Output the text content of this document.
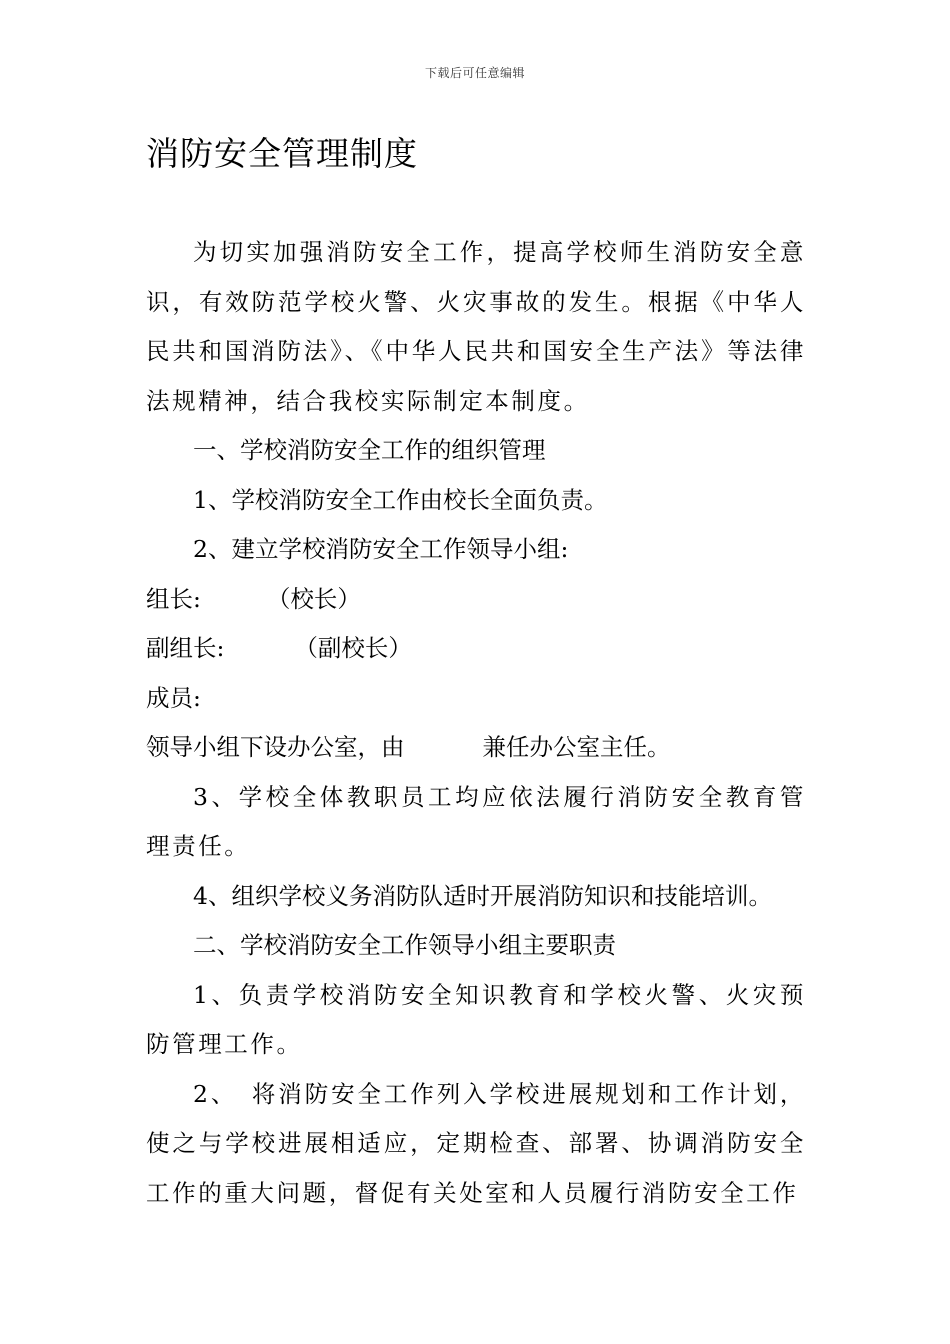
下载后可任意编辑
消防安全管理制度

为切实加强消防安全工作，提高学校师生消防安全意识，有效防范学校火警、火灾事故的发生。根据《中华人民共和国消防法》、《中华人民共和国安全生产法》等法律法规精神，结合我校实际制定本制度。

一、学校消防安全工作的组织管理

1、学校消防安全工作由校长全面负责。

2、建立学校消防安全工作领导小组:

组长:	（校长）

副组长:	（副校长）

成员:

领导小组下设办公室，由	兼任办公室主任。

3、学校全体教职员工均应依法履行消防安全教育管理责任。

4、组织学校义务消防队适时开展消防知识和技能培训。

二、学校消防安全工作领导小组主要职责

1、负责学校消防安全知识教育和学校火警、火灾预防管理工作。

2、　将消防安全工作列入学校进展规划和工作计划，使之与学校进展相适应，定期检查、部署、协调消防安全工作的重大问题，督促有关处室和人员履行消防安全工作
